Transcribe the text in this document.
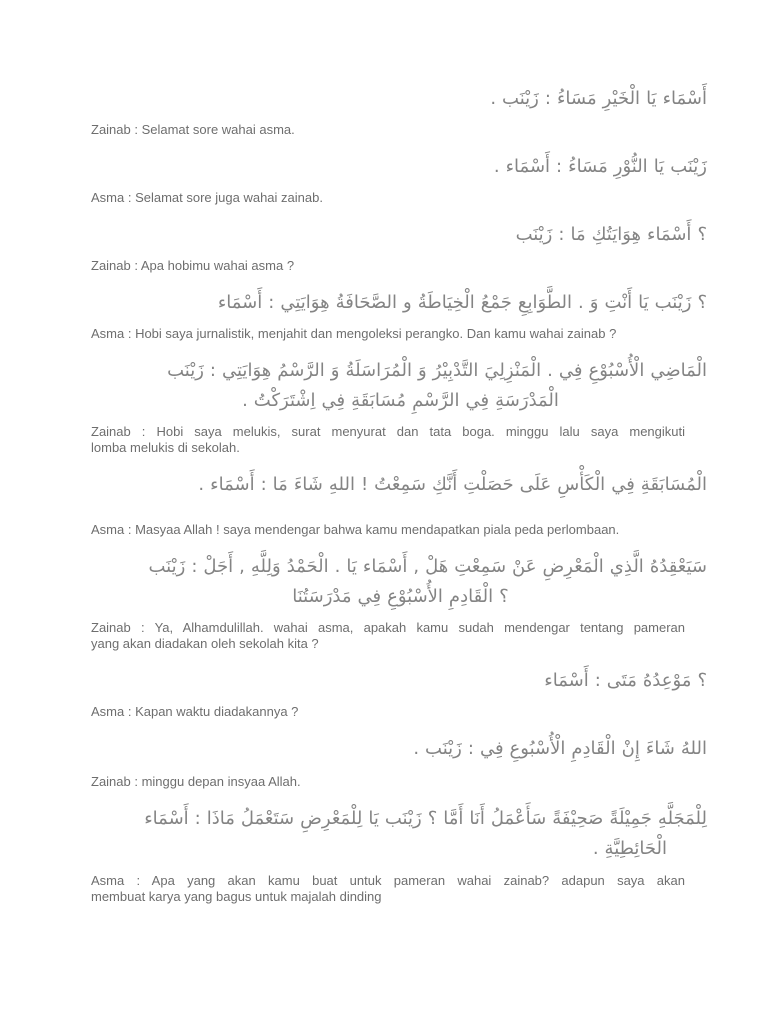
. زَيْنَب : مَسَاءُ الْخَيْرِ يَا أَسْمَاء
Zainab : Selamat sore wahai asma.
. أَسْمَاء : مَسَاءُ النُّوْرِ يَا زَيْنَب
Asma : Selamat sore juga wahai zainab.
زَيْنَب : مَا هِوَايَتُكِ أَسْمَاء ؟
Zainab : Apa hobimu wahai asma ?
أَسْمَاء : هِوَايَتِي الصَّحَافَةُ و الْخِيَاطَةُ جَمْعُ الطَّوَابِعِ . وَ أَنْتِ يَا زَيْنَب ؟
Asma : Hobi saya jurnalistik, menjahit dan mengoleksi perangko. Dan kamu wahai zainab ?
زَيْنَب : هِوَايَتِي الرَّسْمُ وَ الْمُرَاسَلَةُ وَ التَّدْبِيْرُ الْمَنْزِلِيَ . فِي الْأُسْبُوْعِ الْمَاضِي
. اِشْتَرَكْتُ فِي مُسَابَقَةِ الرَّسْمِ فِي الْمَدْرَسَةِ
Zainab : Hobi saya melukis, surat menyurat dan tata boga. minggu lalu saya mengikuti
lomba melukis di sekolah.
. أَسْمَاء : مَا شَاءَ اللهِ ! سَمِعْتُ أَنَّكِ حَصَلْتِ عَلَى الْكَأْسِ فِي الْمُسَابَقَةِ
Asma : Masyaa Allah ! saya mendengar bahwa kamu mendapatkan piala peda perlombaan.
زَيْنَب : أَجَلْ , وَلِلَّهِ الْحَمْدُ . يَا أَسْمَاء , هَلْ سَمِعْتِ عَنْ الْمَعْرِضِ الَّذِي سَيَعْقِدُهُ
مَدْرَسَتُنَا فِي الأُسْبُوْعِ الْقَادِمِ ؟
Zainab : Ya, Alhamdulillah. wahai asma, apakah kamu sudah mendengar tentang pameran
yang akan diadakan oleh sekolah kita ?
أَسْمَاء : مَتَى مَوْعِدُهُ ؟
Asma : Kapan waktu diadakannya ?
. زَيْنَب : فِي الْأُسْبُوعِ الْقَادِمِ إِنْ شَاءَ اللهُ
Zainab : minggu depan insyaa Allah.
أَسْمَاء : مَاذَا سَتَعْمَلُ لِلْمَعْرِضِ يَا زَيْنَب ؟ أَمَّا أَنَا سَأَعْمَلُ صَحِيْفَةً جَمِيْلَةً لِلْمَجَلَّهِ
. الْحَائِطِيَّةِ
Asma : Apa yang akan kamu buat untuk pameran wahai zainab? adapun saya akan
membuat karya yang bagus untuk majalah dinding
